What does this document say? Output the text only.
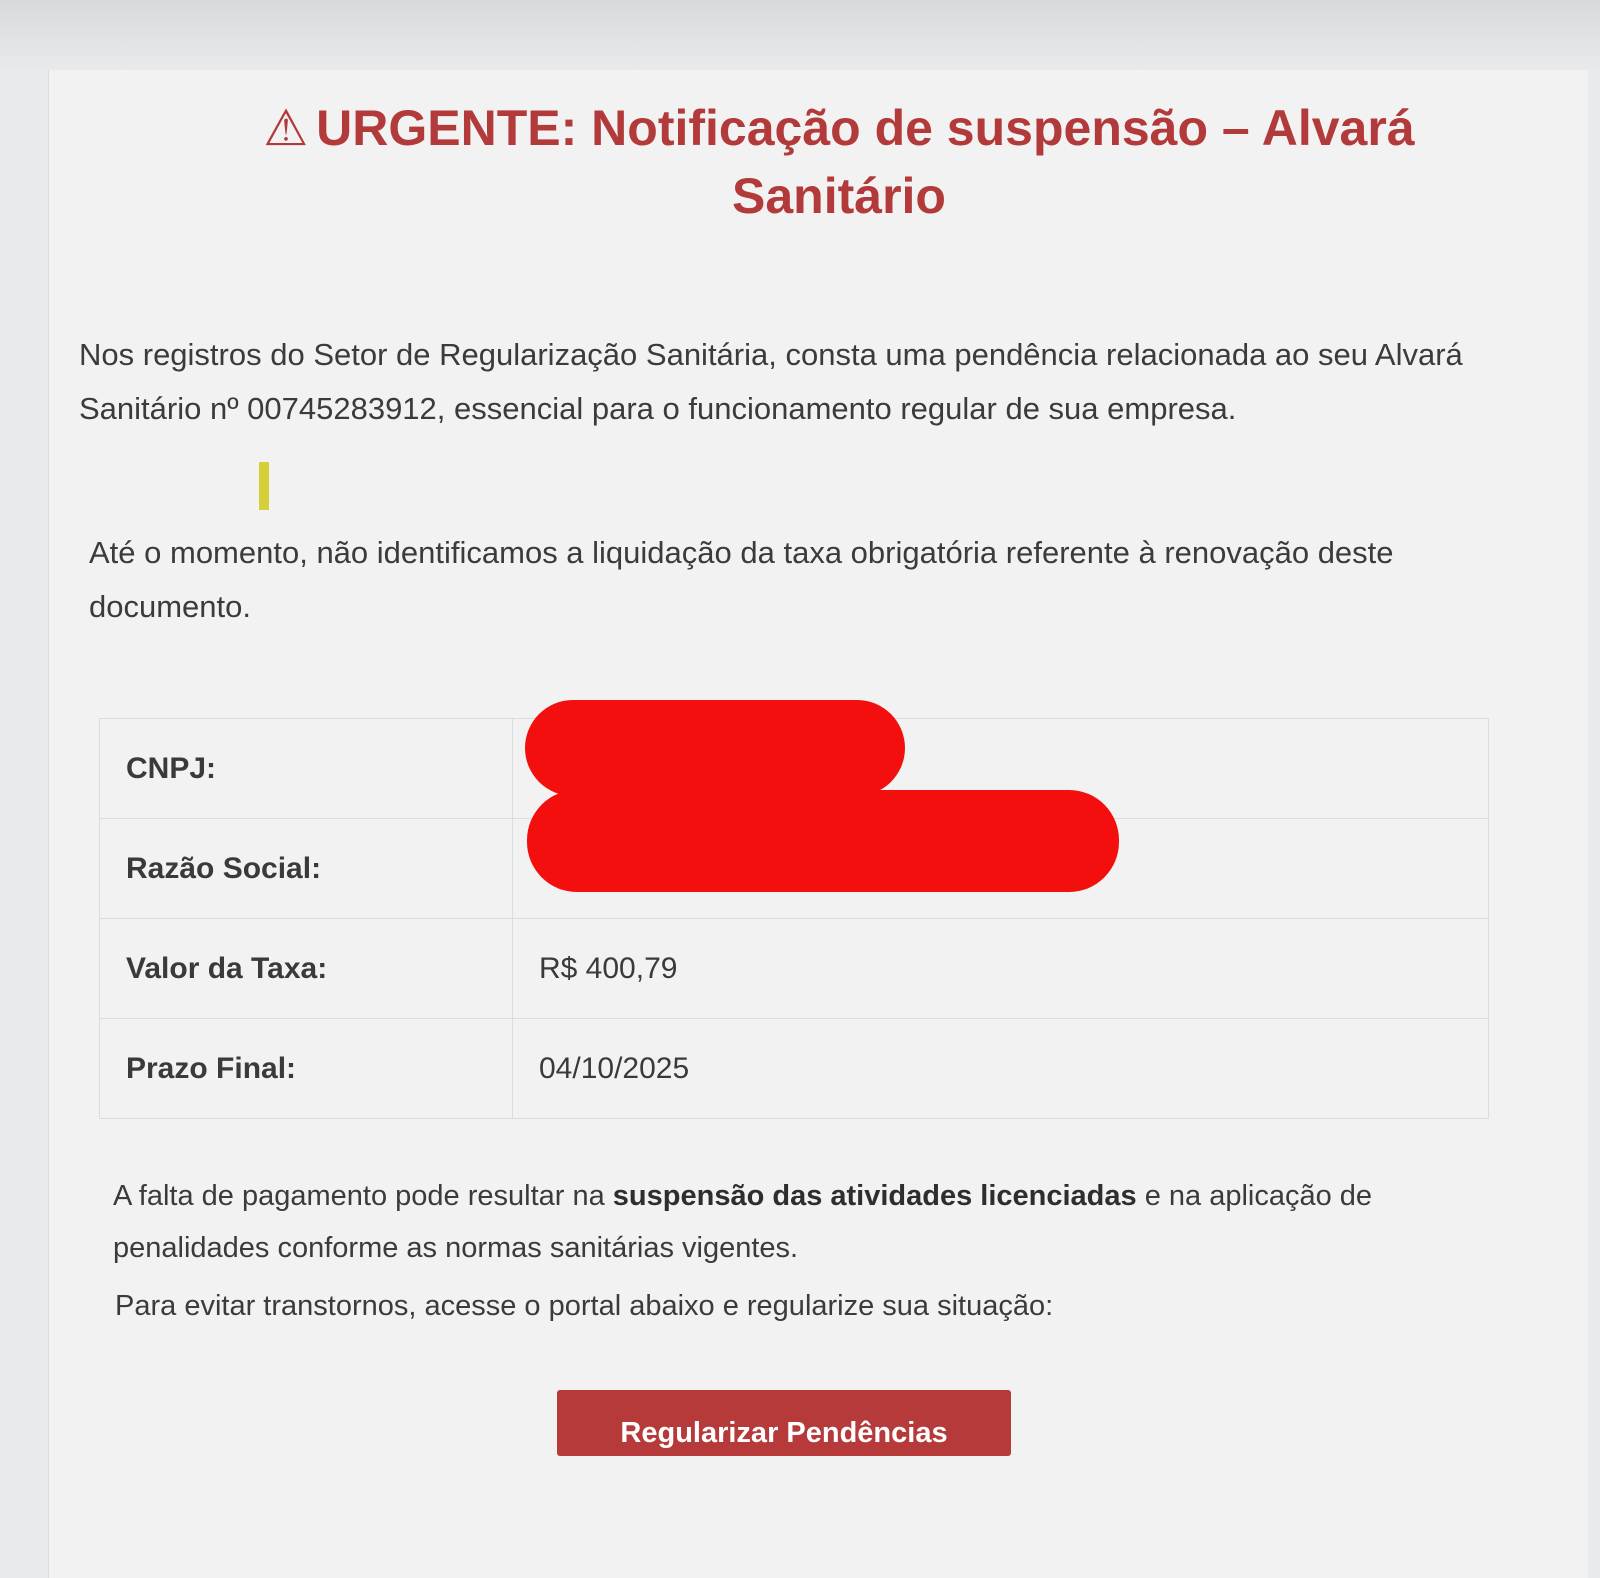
⚠ URGENTE: Notificação de suspensão – Alvará Sanitário

Nos registros do Setor de Regularização Sanitária, consta uma pendência relacionada ao seu Alvará Sanitário nº 00745283912, essencial para o funcionamento regular de sua empresa.

Até o momento, não identificamos a liquidação da taxa obrigatória referente à renovação deste documento.

CNPJ:	
Razão Social:	
Valor da Taxa:	R$ 400,79
Prazo Final:	04/10/2025

A falta de pagamento pode resultar na suspensão das atividades licenciadas e na aplicação de penalidades conforme as normas sanitárias vigentes.

Para evitar transtornos, acesse o portal abaixo e regularize sua situação:

Regularizar Pendências
